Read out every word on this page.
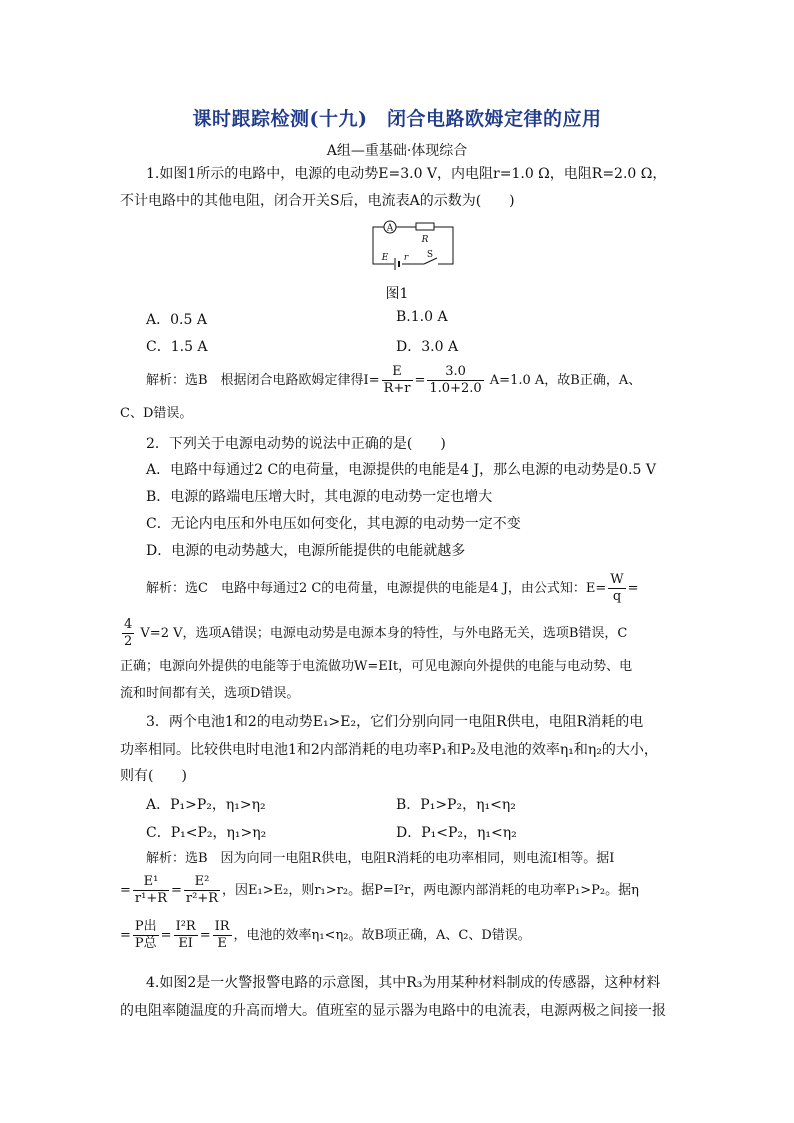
课时跟踪检测(十九)　闭合电路欧姆定律的应用
A组—重基础·体现综合
1.如图1所示的电路中，电源的电动势E=3.0 V，内电阻r=1.0 Ω，电阻R=2.0 Ω，
不计电路中的其他电阻，闭合开关S后，电流表A的示数为(　　)
A
R
E r S
图1
A．0.5 A	B.1.0 A
C．1.5 A	D．3.0 A
解析：选B　根据闭合电路欧姆定律得$I= \frac{E}{R+r} = \frac{3.0}{1.0+2.0} A=1.0$ A，故B正确，A、
C、D错误。
2．下列关于电源电动势的说法中正确的是(　　)
A．电路中每通过2 C的电荷量，电源提供的电能是4 J，那么电源的电动势是0.5 V
B．电源的路端电压增大时，其电源的电动势一定也增大
C．无论内电压和外电压如何变化，其电源的电动势一定不变
D．电源的电动势越大，电源所能提供的电能就越多
解析：选C　电路中每通过2 C的电荷量，电源提供的电能是4 J，由公式知：$E= \frac{W}{q}$ =
$\frac{4}{2} V=2$ V，选项A错误；电源电动势是电源本身的特性，与外电路无关，选项B错误，C
正确；电源向外提供的电能等于电流做功W=EIt，可见电源向外提供的电能与电动势、电
流和时间都有关，选项D错误。
3．两个电池1和2的电动势E₁>E₂，它们分别向同一电阻R供电，电阻R消耗的电
功率相同。比较供电时电池1和2内部消耗的电功率P₁和P₂及电池的效率η₁和η₂的大小，
则有(　　)
A．P₁>P₂，η₁>η₂	B．P₁>P₂，η₁<η₂
C．P₁<P₂，η₁>η₂	D．P₁<P₂，η₁<η₂
解析：选B　因为向同一电阻R供电，电阻R消耗的电功率相同，则电流I相等。据I
= $\frac{\text{E¹}}{\text{r¹+R}} = \frac{\text{E²}}{\text{r²+R}}$ ，因E₁>E₂，则r₁>r₂。据P=I²r，两电源内部消耗的电功率P₁>P₂。据η
= $\frac{\text{P出}}{\text{P总}} = \frac{\text{I²R}}{EI} = \frac{IR}{E}$ ，电池的效率η₁<η₂。故B项正确，A、C、D错误。
4.如图2是一火警报警电路的示意图，其中R₃为用某种材料制成的传感器，这种材料
的电阻率随温度的升高而增大。值班室的显示器为电路中的电流表，电源两极之间接一报
